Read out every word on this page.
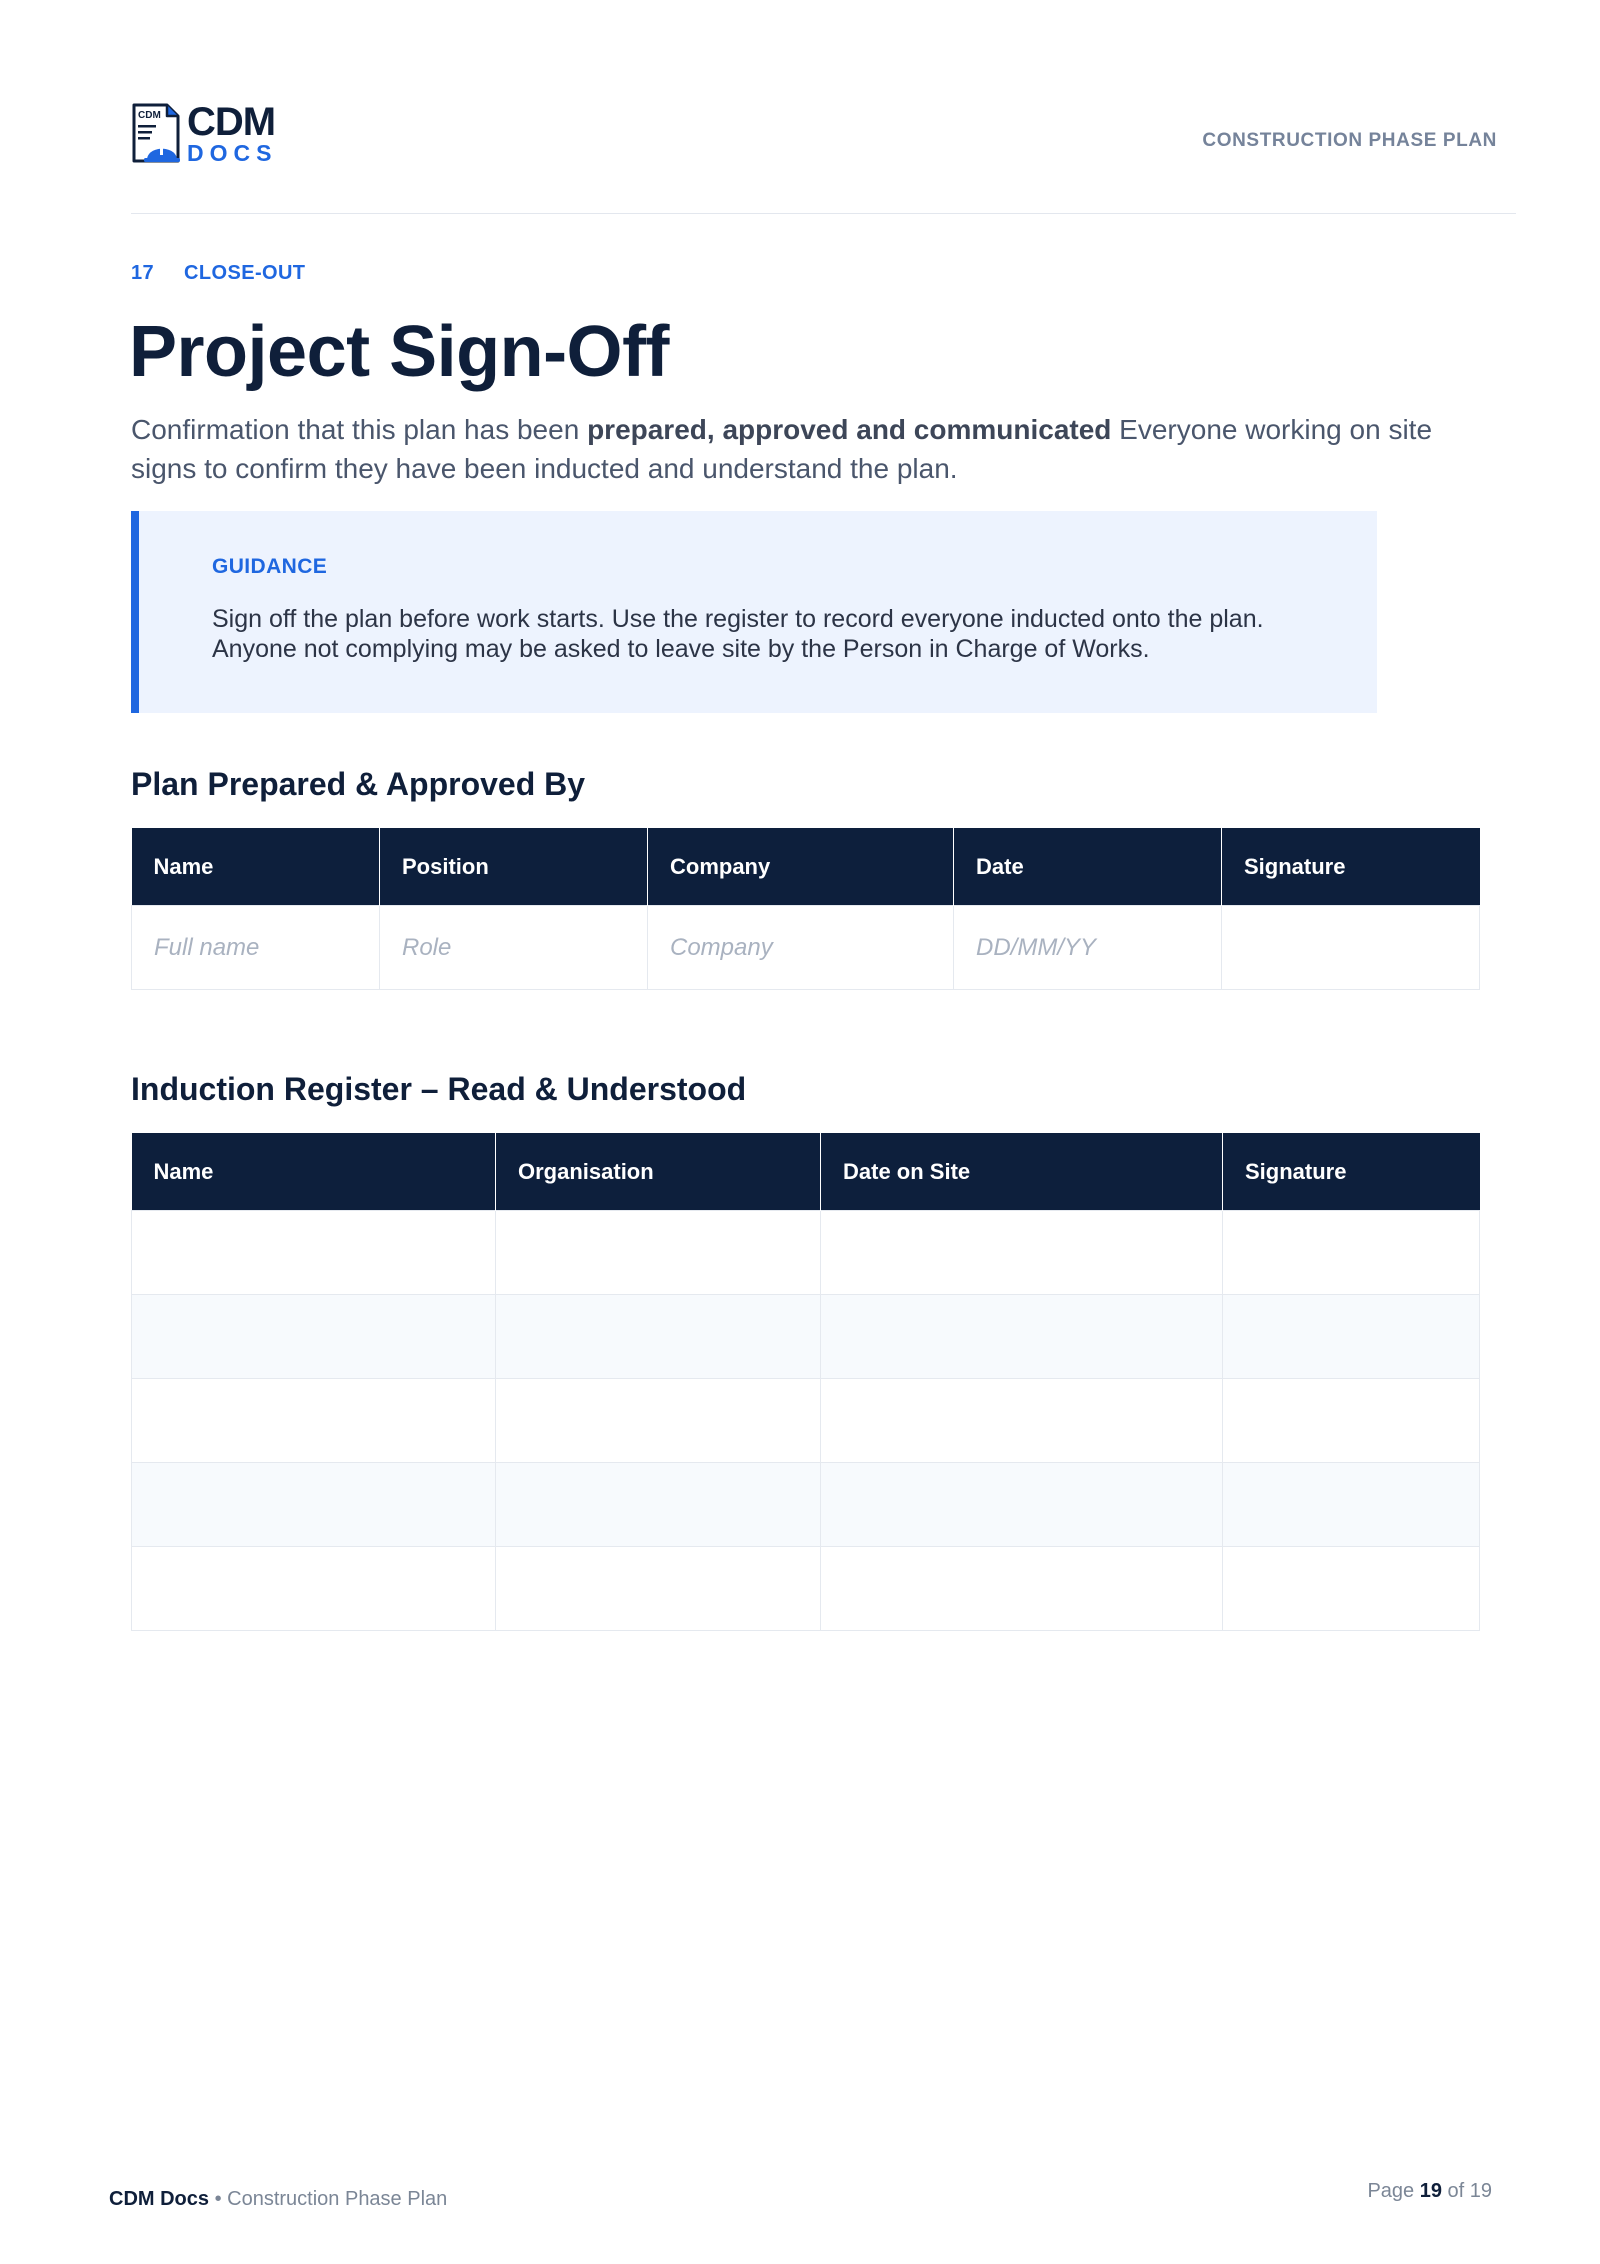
CDM CDM
DOCS	CONSTRUCTION PHASE PLAN
17 CLOSE-OUT
Project Sign-Off

Confirmation that this plan has been prepared, approved and communicated Everyone working on site signs to confirm they have been inducted and understand the plan.

GUIDANCE

Sign off the plan before work starts. Use the register to record everyone inducted onto the plan. Anyone not complying may be asked to leave site by the Person in Charge of Works.

Plan Prepared & Approved By
Name	Position	Company	Date	Signature
Full name	Role	Company	DD/MM/YY	
Induction Register – Read & Understood
Name	Organisation	Date on Site	Signature

CDM Docs • Construction Phase Plan	Page 19 of 19
